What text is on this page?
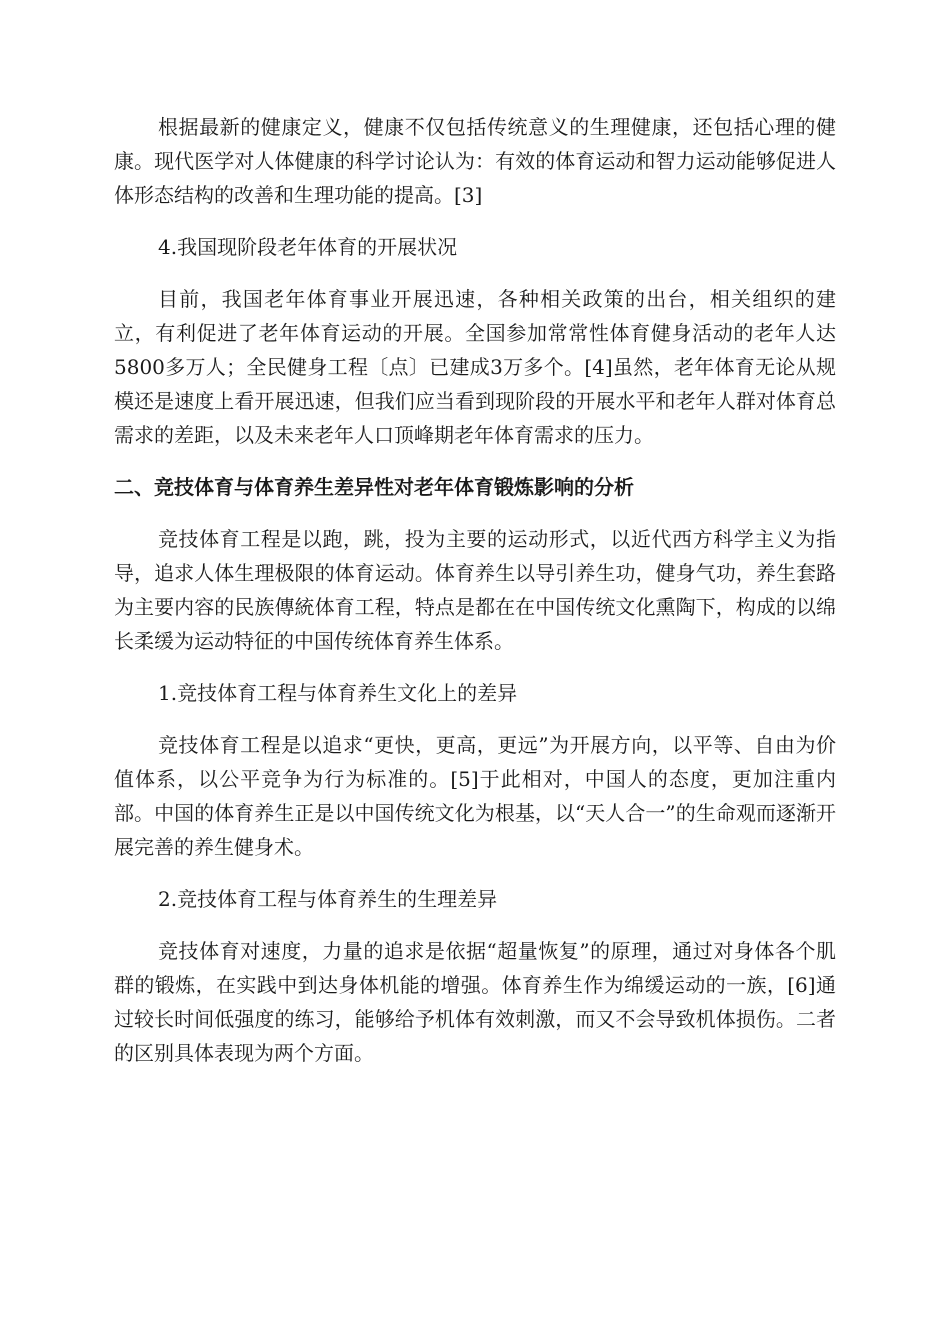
根据最新的健康定义，健康不仅包括传统意义的生理健康，还包括心理的健康。现代医学对人体健康的科学讨论认为：有效的体育运动和智力运动能够促进人体形态结构的改善和生理功能的提高。[3]

4.我国现阶段老年体育的开展状况

目前，我国老年体育事业开展迅速，各种相关政策的出台，相关组织的建立，有利促进了老年体育运动的开展。全国参加常常性体育健身活动的老年人达5800多万人；全民健身工程〔点〕已建成3万多个。[4]虽然，老年体育无论从规模还是速度上看开展迅速，但我们应当看到现阶段的开展水平和老年人群对体育总需求的差距，以及未来老年人口顶峰期老年体育需求的压力。

二、竞技体育与体育养生差异性对老年体育锻炼影响的分析

竞技体育工程是以跑，跳，投为主要的运动形式，以近代西方科学主义为指导，追求人体生理极限的体育运动。体育养生以导引养生功，健身气功，养生套路为主要内容的民族傳統体育工程，特点是都在在中国传统文化熏陶下，构成的以绵长柔缓为运动特征的中国传统体育养生体系。

1.竞技体育工程与体育养生文化上的差异

竞技体育工程是以追求“更快，更高，更远”为开展方向，以平等、自由为价值体系，以公平竞争为行为标准的。[5]于此相对，中国人的态度，更加注重内部。中国的体育养生正是以中国传统文化为根基，以“天人合一”的生命观而逐渐开展完善的养生健身术。

2.竞技体育工程与体育养生的生理差异

竞技体育对速度，力量的追求是依据“超量恢复”的原理，通过对身体各个肌群的锻炼，在实践中到达身体机能的增强。体育养生作为绵缓运动的一族，[6]通过较长时间低强度的练习，能够给予机体有效刺激，而又不会导致机体损伤。二者的区别具体表现为两个方面。
